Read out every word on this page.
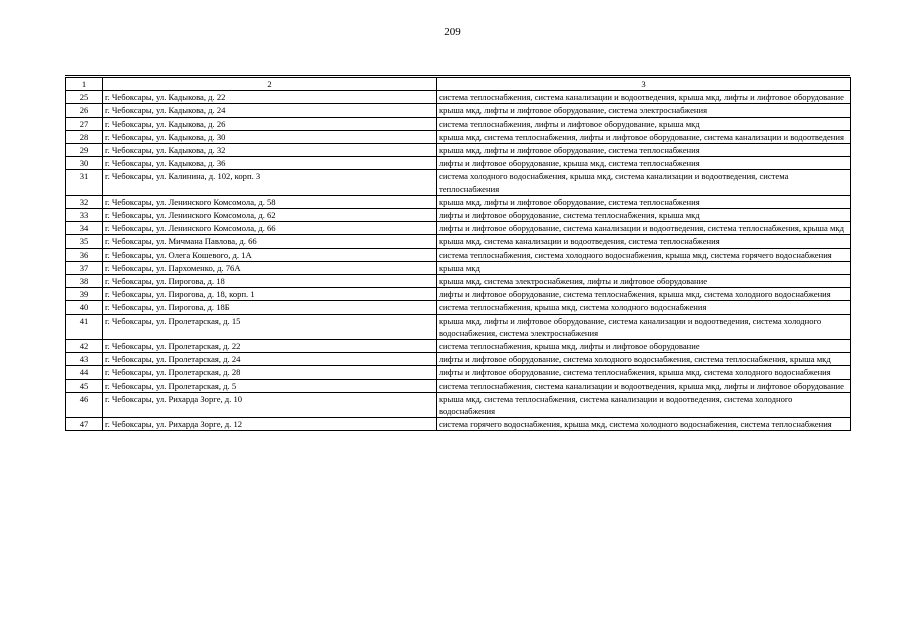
209
1	2	3
25	г. Чебоксары, ул. Кадыкова, д. 22	система теплоснабжения, система канализации и водоотведения, крыша мкд, лифты и лифтовое оборудование
26	г. Чебоксары, ул. Кадыкова, д. 24	крыша мкд, лифты и лифтовое оборудование, система электроснабжения
27	г. Чебоксары, ул. Кадыкова, д. 26	система теплоснабжения, лифты и лифтовое оборудование, крыша мкд
28	г. Чебоксары, ул. Кадыкова, д. 30	крыша мкд, система теплоснабжения, лифты и лифтовое оборудование, система канализации и водоотведения
29	г. Чебоксары, ул. Кадыкова, д. 32	крыша мкд, лифты и лифтовое оборудование, система теплоснабжения
30	г. Чебоксары, ул. Кадыкова, д. 36	лифты и лифтовое оборудование, крыша мкд, система теплоснабжения
31	г. Чебоксары, ул. Калинина, д. 102, корп. 3	система холодного водоснабжения, крыша мкд, система канализации и водоотведения, система теплоснабжения
32	г. Чебоксары, ул. Ленинского Комсомола, д. 58	крыша мкд, лифты и лифтовое оборудование, система теплоснабжения
33	г. Чебоксары, ул. Ленинского Комсомола, д. 62	лифты и лифтовое оборудование, система теплоснабжения, крыша мкд
34	г. Чебоксары, ул. Ленинского Комсомола, д. 66	лифты и лифтовое оборудование, система канализации и водоотведения, система теплоснабжения, крыша мкд
35	г. Чебоксары, ул. Мичмана Павлова, д. 66	крыша мкд, система канализации и водоотведения, система теплоснабжения
36	г. Чебоксары, ул. Олега Кошевого, д. 1А	система теплоснабжения, система холодного водоснабжения, крыша мкд, система горячего водоснабжения
37	г. Чебоксары, ул. Пархоменко, д. 76А	крыша мкд
38	г. Чебоксары, ул. Пирогова, д. 18	крыша мкд, система электроснабжения, лифты и лифтовое оборудование
39	г. Чебоксары, ул. Пирогова, д. 18, корп. 1	лифты и лифтовое оборудование, система теплоснабжения, крыша мкд, система холодного водоснабжения
40	г. Чебоксары, ул. Пирогова, д. 18Б	система теплоснабжения, крыша мкд, система холодного водоснабжения
41	г. Чебоксары, ул. Пролетарская, д. 15	крыша мкд, лифты и лифтовое оборудование, система канализации и водоотведения, система холодного водоснабжения, система электроснабжения
42	г. Чебоксары, ул. Пролетарская, д. 22	система теплоснабжения, крыша мкд, лифты и лифтовое оборудование
43	г. Чебоксары, ул. Пролетарская, д. 24	лифты и лифтовое оборудование, система холодного водоснабжения, система теплоснабжения, крыша мкд
44	г. Чебоксары, ул. Пролетарская, д. 28	лифты и лифтовое оборудование, система теплоснабжения, крыша мкд, система холодного водоснабжения
45	г. Чебоксары, ул. Пролетарская, д. 5	система теплоснабжения, система канализации и водоотведения, крыша мкд, лифты и лифтовое оборудование
46	г. Чебоксары, ул. Рихарда Зорге, д. 10	крыша мкд, система теплоснабжения, система канализации и водоотведения, система холодного водоснабжения
47	г. Чебоксары, ул. Рихарда Зорге, д. 12	система горячего водоснабжения, крыша мкд, система холодного водоснабжения, система теплоснабжения
